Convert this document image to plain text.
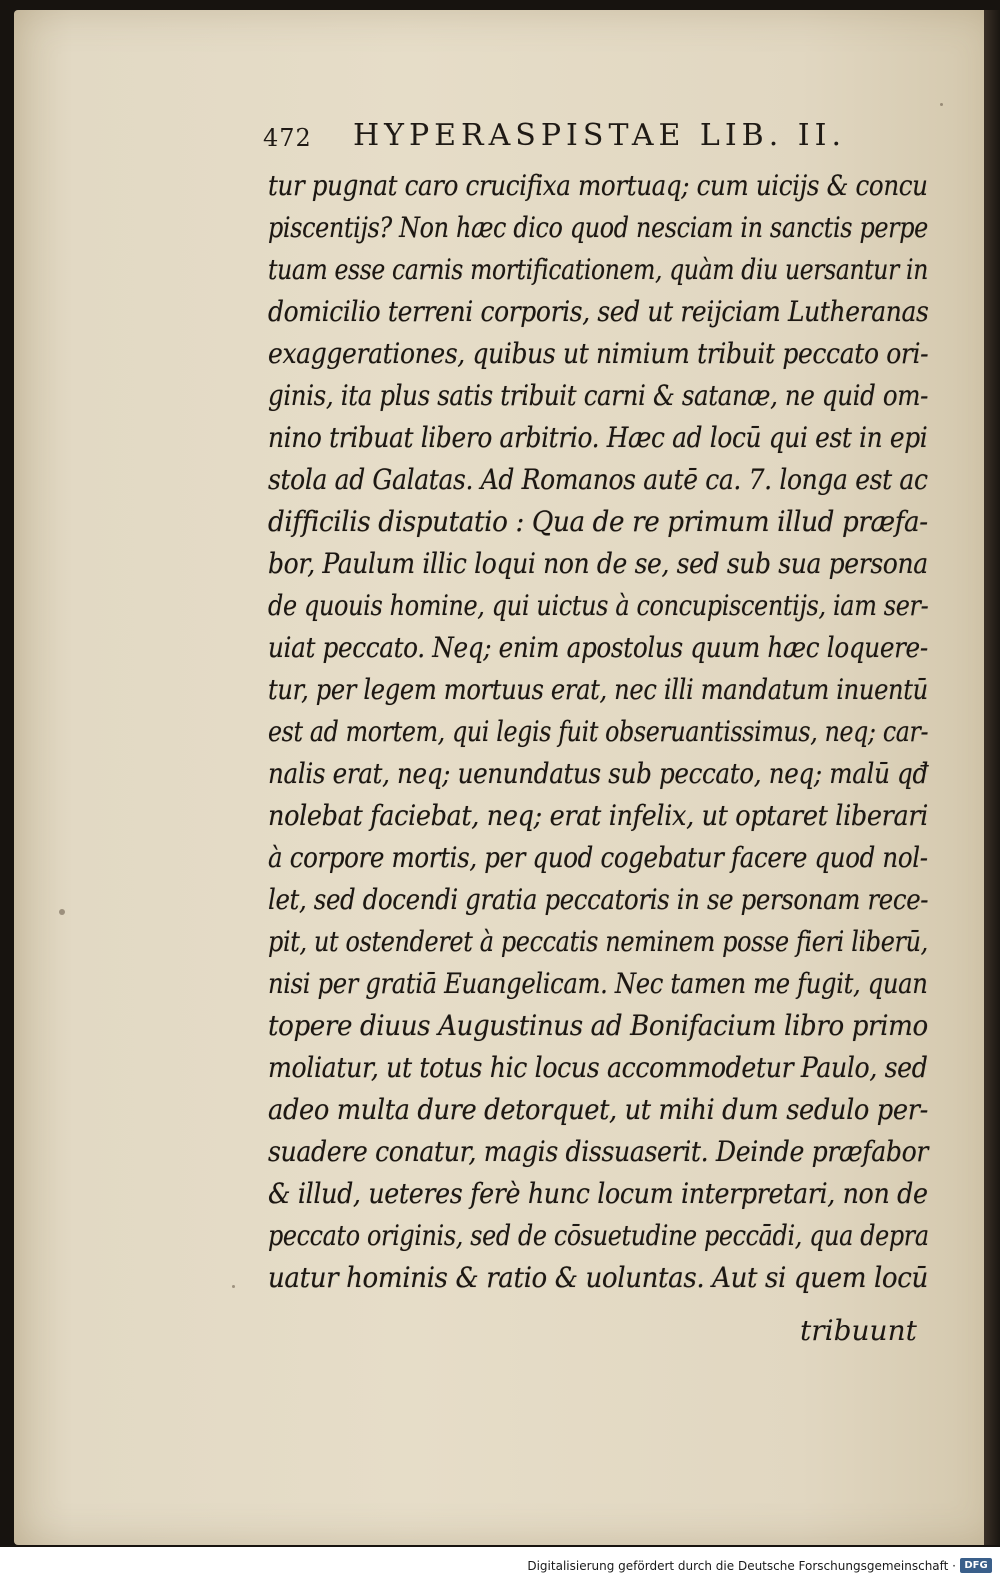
472 HYPERASPISTAE LIB. II.
tur pugnat caro crucifixa mortuaq; cum uicijs & concu
piscentijs? Non hæc dico quod nesciam in sanctis perpe
tuam esse carnis mortificationem, quàm diu uersantur in
domicilio terreni corporis, sed ut reijciam Lutheranas
exaggerationes, quibus ut nimium tribuit peccato ori-
ginis, ita plus satis tribuit carni & satanæ, ne quid om-
nino tribuat libero arbitrio. Hæc ad locū qui est in epi
stola ad Galatas. Ad Romanos autē ca. 7. longa est ac
difficilis disputatio : Qua de re primum illud præfa-
bor, Paulum illic loqui non de se, sed sub sua persona
de quouis homine, qui uictus à concupiscentijs, iam ser-
uiat peccato. Neq; enim apostolus quum hæc loquere-
tur, per legem mortuus erat, nec illi mandatum inuentū
est ad mortem, qui legis fuit obseruantissimus, neq; car-
nalis erat, neq; uenundatus sub peccato, neq; malū qđ
nolebat faciebat, neq; erat infelix, ut optaret liberari
à corpore mortis, per quod cogebatur facere quod nol-
let, sed docendi gratia peccatoris in se personam rece-
pit, ut ostenderet à peccatis neminem posse fieri liberū,
nisi per gratiā Euangelicam. Nec tamen me fugit, quan
topere diuus Augustinus ad Bonifacium libro primo
moliatur, ut totus hic locus accommodetur Paulo, sed
adeo multa dure detorquet, ut mihi dum sedulo per-
suadere conatur, magis dissuaserit. Deinde præfabor
& illud, ueteres ferè hunc locum interpretari, non de
peccato originis, sed de cōsuetudine peccādi, qua depra
uatur hominis & ratio & uoluntas. Aut si quem locū
tribuunt
Digitalisierung gefördert durch die Deutsche Forschungsgemeinschaft · DFG
